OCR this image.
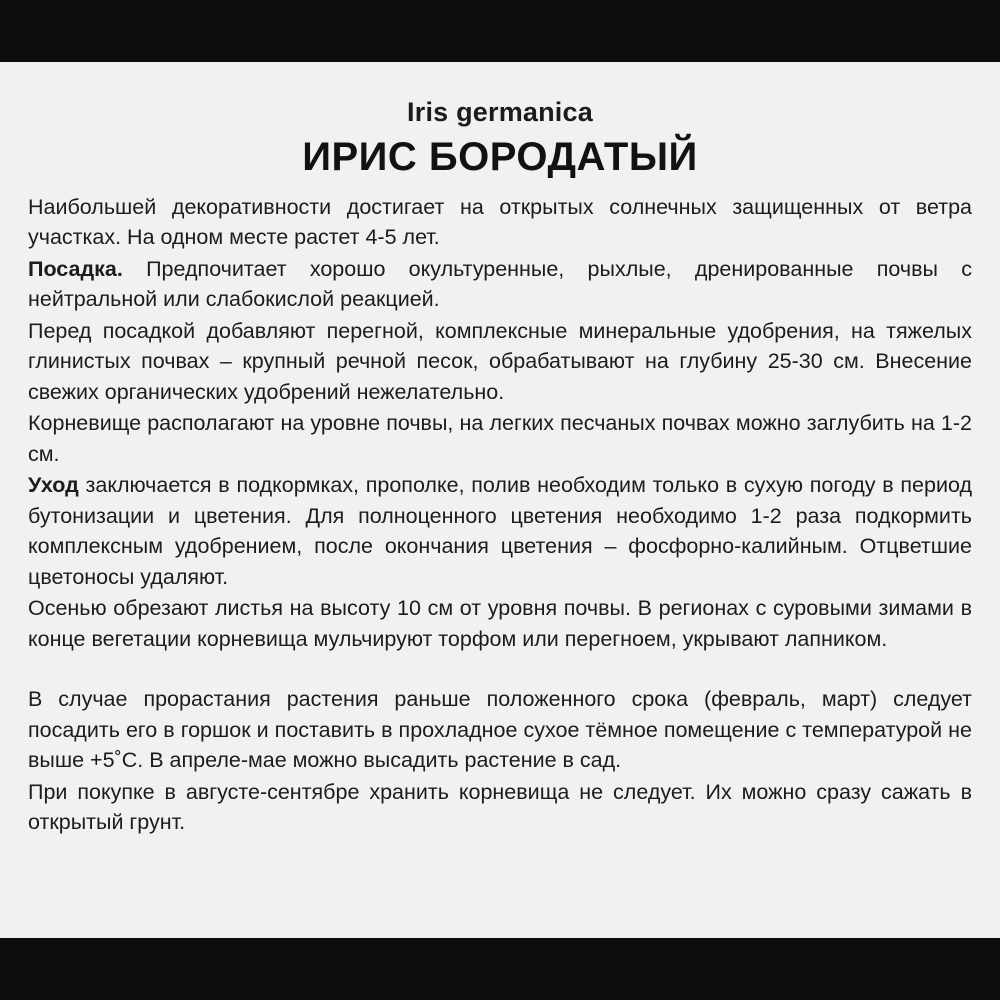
Iris germanica
ИРИС БОРОДАТЫЙ

Наибольшей декоративности достигает на открытых солнечных защищенных от ветра участках. На одном месте растет 4-5 лет.

Посадка. Предпочитает хорошо окультуренные, рыхлые, дренированные почвы с нейтральной или слабокислой реакцией.

Перед посадкой добавляют перегной, комплексные минеральные удобрения, на тяжелых глинистых почвах – крупный речной песок, обрабатывают на глубину 25-30 см. Внесение свежих органических удобрений нежелательно.

Корневище располагают на уровне почвы, на легких песчаных почвах можно заглубить на 1-2 см.

Уход заключается в подкормках, прополке, полив необходим только в сухую погоду в период бутонизации и цветения. Для полноценного цветения необходимо 1-2 раза подкормить комплексным удобрением, после окончания цветения – фосфорно-калийным. Отцветшие цветоносы удаляют.

Осенью обрезают листья на высоту 10 см от уровня почвы. В регионах с суровыми зимами в конце вегетации корневища мульчируют торфом или перегноем, укрывают лапником.

В случае прорастания растения раньше положенного срока (февраль, март) следует посадить его в горшок и поставить в прохладное сухое тёмное помещение с температурой не выше +5˚С. В апреле-мае можно высадить растение в сад.

При покупке в августе-сентябре хранить корневища не следует. Их можно сразу сажать в открытый грунт.
